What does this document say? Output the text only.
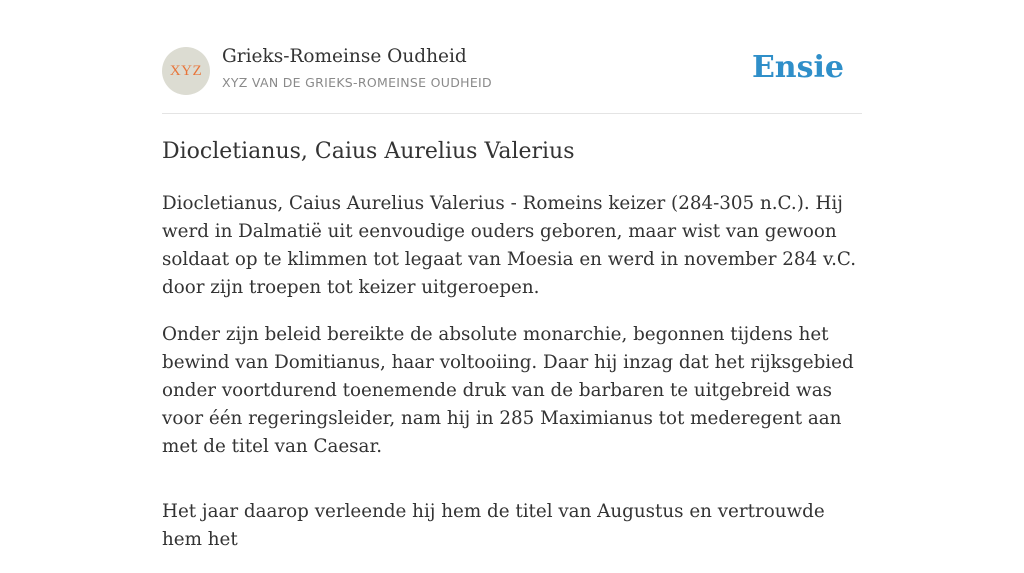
XYZ
Grieks-Romeinse Oudheid
XYZ VAN DE GRIEKS-ROMEINSE OUDHEID	Ensie
Diocletianus, Caius Aurelius Valerius

Diocletianus, Caius Aurelius Valerius - Romeins keizer (284-305 n.C.). Hij werd in Dalmatië uit eenvoudige ouders geboren, maar wist van gewoon soldaat op te klimmen tot legaat van Moesia en werd in november 284 v.C. door zijn troepen tot keizer uitgeroepen.

Onder zijn beleid bereikte de absolute monarchie, begonnen tijdens het bewind van Domitianus, haar voltooiing. Daar hij inzag dat het rijksgebied onder voortdurend toenemende druk van de barbaren te uitgebreid was voor één regeringsleider, nam hij in 285 Maximianus tot mederegent aan met de titel van Caesar.

Het jaar daarop verleende hij hem de titel van Augustus en vertrouwde hem het
